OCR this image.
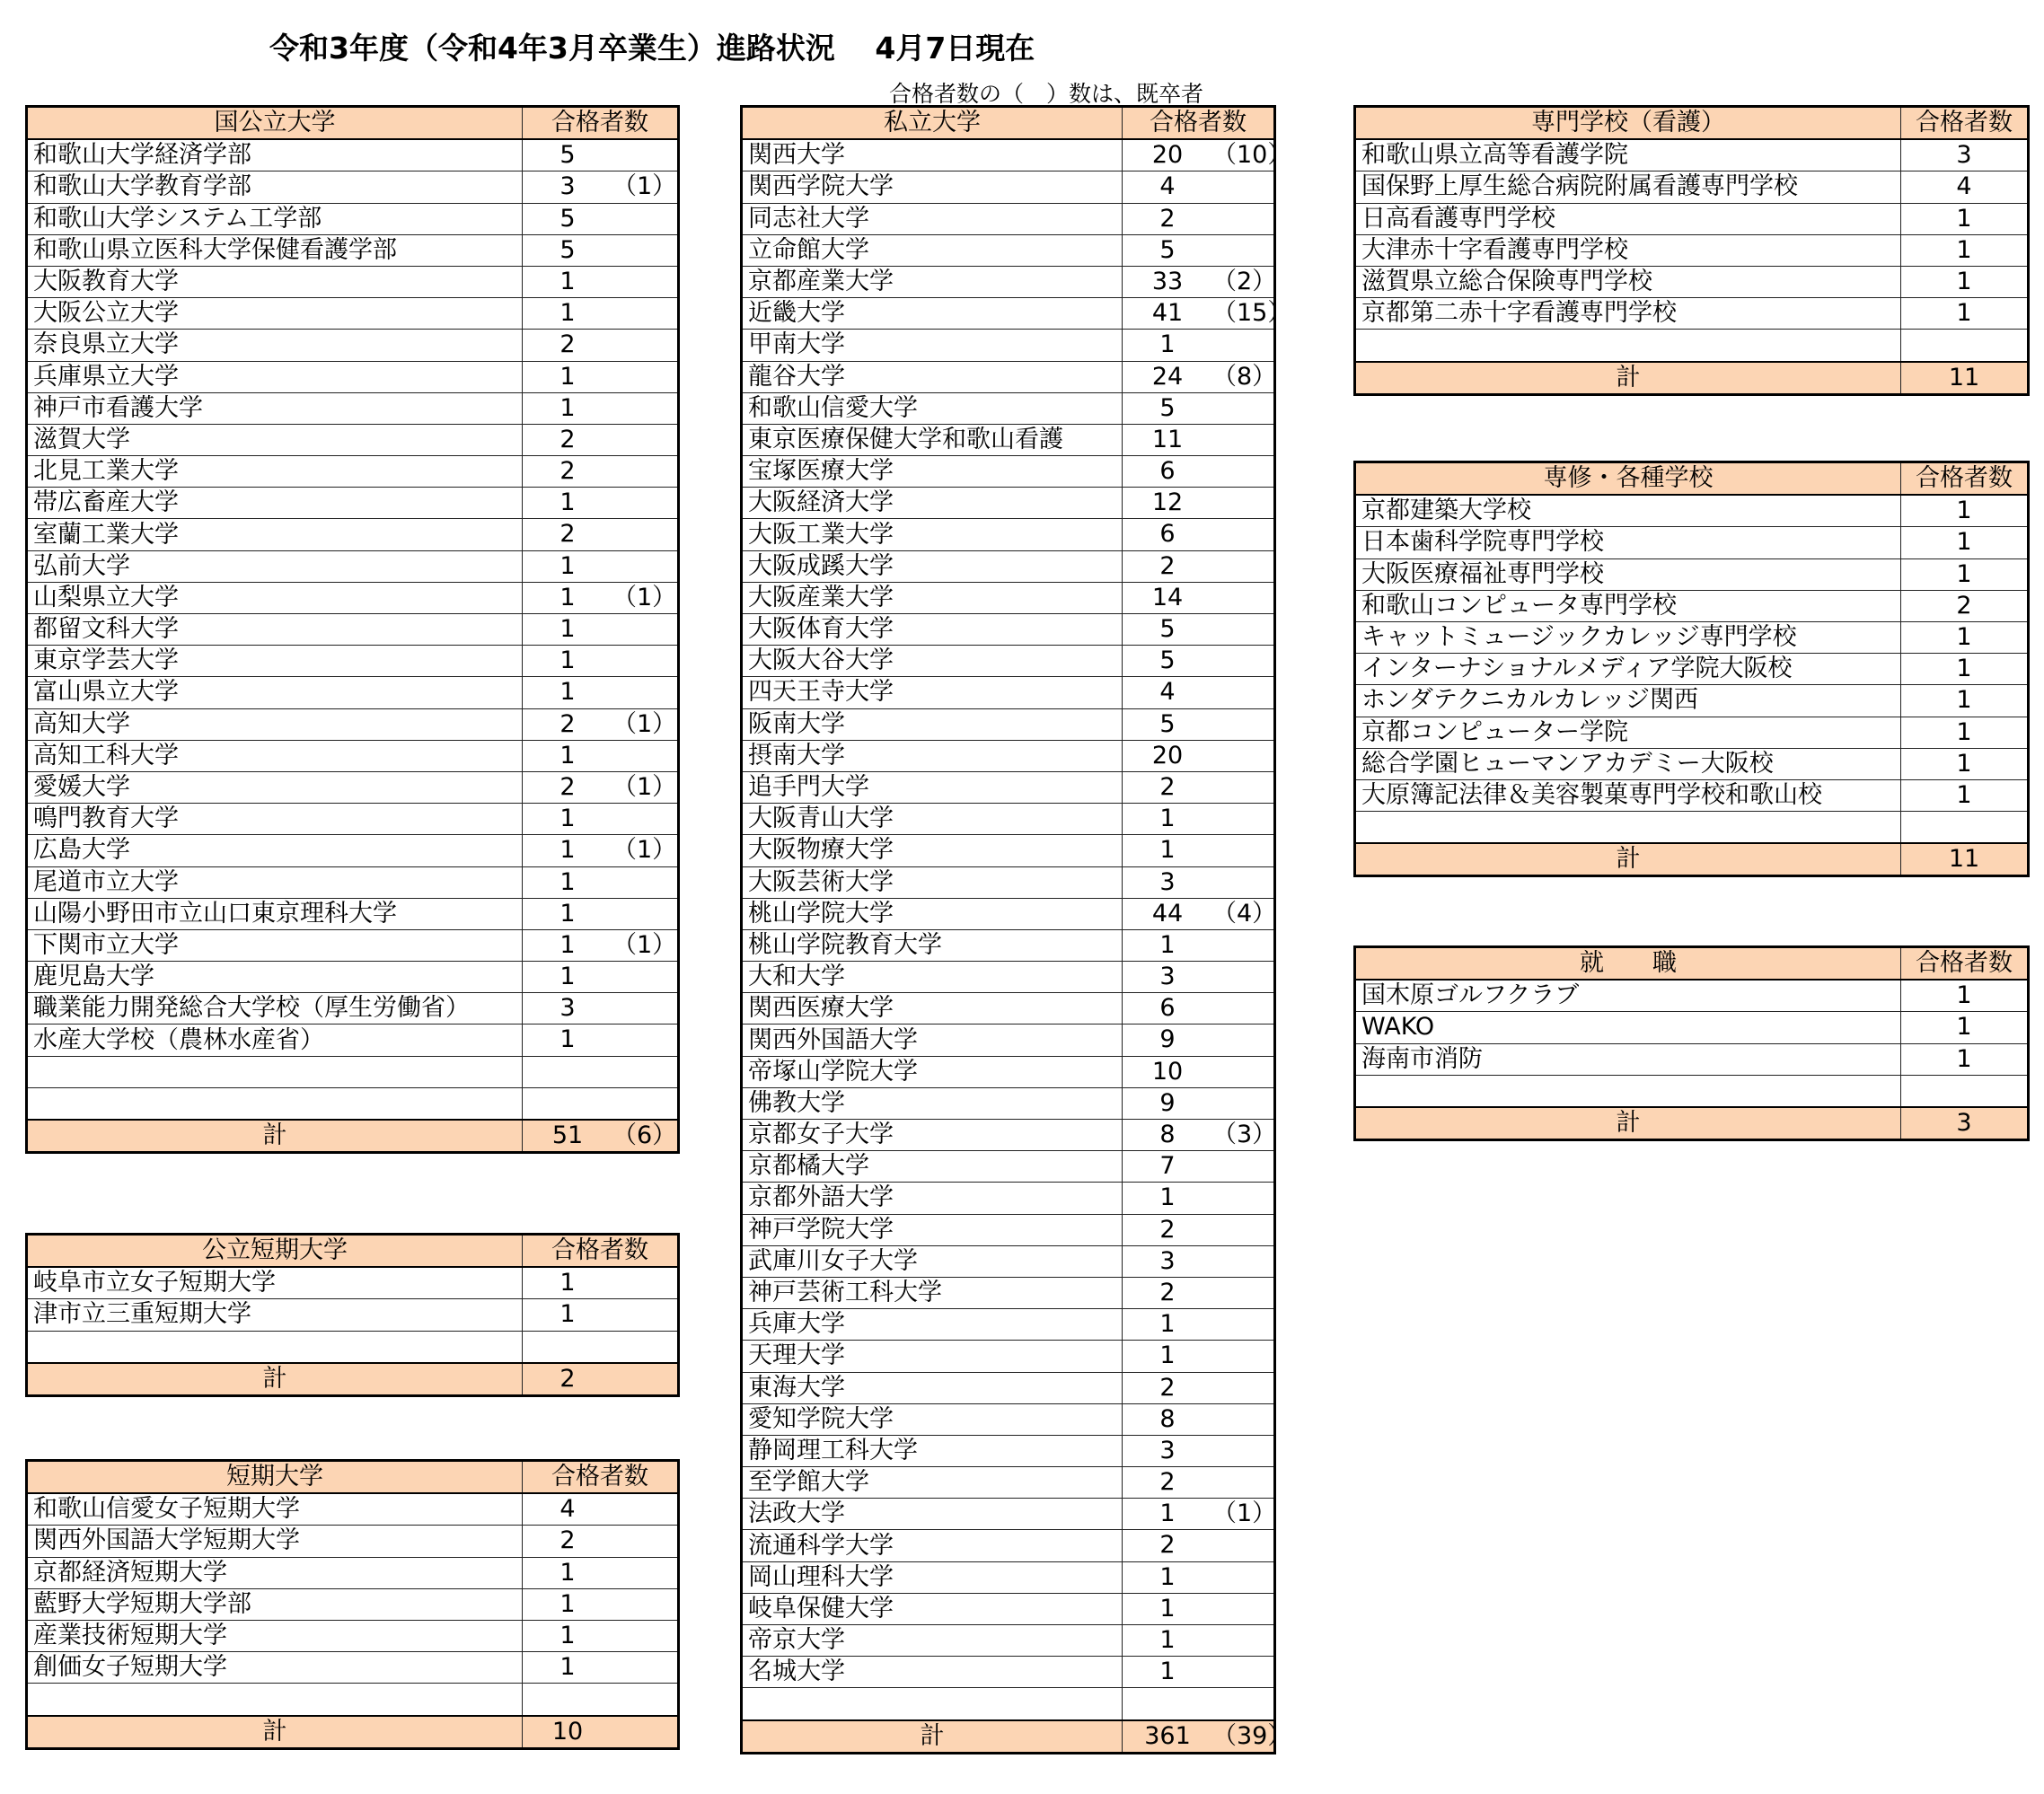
令和3年度（令和4年3月卒業生）進路状況　 4月7日現在
合格者数の（　）数は、既卒者
国公立大学	合格者数
和歌山大学経済学部	5

和歌山大学教育学部	3 （1）

和歌山大学システム工学部	5

和歌山県立医科大学保健看護学部	5

大阪教育大学	1

大阪公立大学	1

奈良県立大学	2

兵庫県立大学	1

神戸市看護大学	1

滋賀大学	2

北見工業大学	2

帯広畜産大学	1

室蘭工業大学	2

弘前大学	1

山梨県立大学	1 （1）

都留文科大学	1

東京学芸大学	1

富山県立大学	1

高知大学	2 （1）

高知工科大学	1

愛媛大学	2 （1）

鳴門教育大学	1

広島大学	1 （1）

尾道市立大学	1

山陽小野田市立山口東京理科大学	1

下関市立大学	1 （1）

鹿児島大学	1

職業能力開発総合大学校（厚生労働省）	3

水産大学校（農林水産省）	1

計	51 （6）
公立短期大学	合格者数
岐阜市立女子短期大学	1

津市立三重短期大学	1

計	2
短期大学	合格者数
和歌山信愛女子短期大学	4

関西外国語大学短期大学	2

京都経済短期大学	1

藍野大学短期大学部	1

産業技術短期大学	1

創価女子短期大学	1

計	10
私立大学	合格者数
関西大学	20 （10）

関西学院大学	4

同志社大学	2

立命館大学	5

京都産業大学	33 （2）

近畿大学	41 （15）

甲南大学	1

龍谷大学	24 （8）

和歌山信愛大学	5

東京医療保健大学和歌山看護	11

宝塚医療大学	6

大阪経済大学	12

大阪工業大学	6

大阪成蹊大学	2

大阪産業大学	14

大阪体育大学	5

大阪大谷大学	5

四天王寺大学	4

阪南大学	5

摂南大学	20

追手門大学	2

大阪青山大学	1

大阪物療大学	1

大阪芸術大学	3

桃山学院大学	44 （4）

桃山学院教育大学	1

大和大学	3

関西医療大学	6

関西外国語大学	9

帝塚山学院大学	10

佛教大学	9

京都女子大学	8 （3）

京都橘大学	7

京都外語大学	1

神戸学院大学	2

武庫川女子大学	3

神戸芸術工科大学	2

兵庫大学	1

天理大学	1

東海大学	2

愛知学院大学	8

静岡理工科大学	3

至学館大学	2

法政大学	1 （1）

流通科学大学	2

岡山理科大学	1

岐阜保健大学	1

帝京大学	1

名城大学	1

計	361 （39）
専門学校（看護）	合格者数
和歌山県立高等看護学院	3
国保野上厚生総合病院附属看護専門学校	4
日高看護専門学校	1
大津赤十字看護専門学校	1
滋賀県立総合保険専門学校	1
京都第二赤十字看護専門学校	1

計	11
専修・各種学校	合格者数
京都建築大学校	1
日本歯科学院専門学校	1
大阪医療福祉専門学校	1
和歌山コンピュータ専門学校	2
キャットミュージックカレッジ専門学校	1
インターナショナルメディア学院大阪校	1
ホンダテクニカルカレッジ関西	1
京都コンピューター学院	1
総合学園ヒューマンアカデミー大阪校	1
大原簿記法律＆美容製菓専門学校和歌山校	1

計	11
就　　職	合格者数
国木原ゴルフクラブ	1
WAKO	1
海南市消防	1

計	3
